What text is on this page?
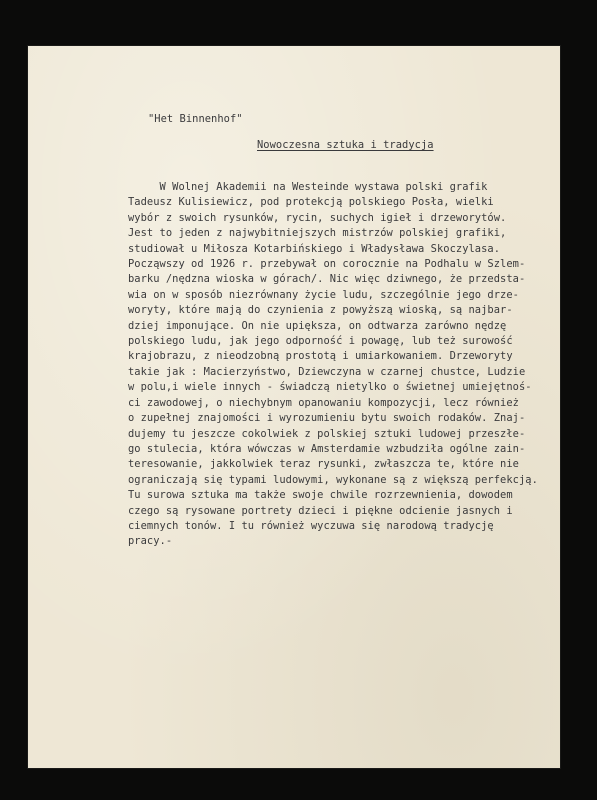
"Het Binnenhof"
Nowoczesna sztuka i tradycja
W Wolnej Akademii na Westeinde wystawa polski grafik
Tadeusz Kulisiewicz, pod protekcją polskiego Posła, wielki
wybór z swoich rysunków, rycin, suchych igieł i drzeworytów.
Jest to jeden z najwybitniejszych mistrzów polskiej grafiki,
studiował u Miłosza Kotarbińskiego i Władysława Skoczylasa.
Począwszy od 1926 r. przebywał on corocznie na Podhalu w Szlem-
barku /nędzna wioska w górach/. Nic więc dziwnego, że przedsta-
wia on w sposób niezrównany życie ludu, szczególnie jego drze-
woryty, które mają do czynienia z powyższą wioską, są najbar-
dziej imponujące. On nie upiększa, on odtwarza zarówno nędzę
polskiego ludu, jak jego odporność i powagę, lub też surowość
krajobrazu, z nieodzobną prostotą i umiarkowaniem. Drzeworyty
takie jak : Macierzyństwo, Dziewczyna w czarnej chustce, Ludzie
w polu,i wiele innych - świadczą nietylko o świetnej umiejętnoś-
ci zawodowej, o niechybnym opanowaniu kompozycji, lecz również
o zupełnej znajomości i wyrozumieniu bytu swoich rodaków. Znaj-
dujemy tu jeszcze cokolwiek z polskiej sztuki ludowej przeszłe-
go stulecia, która wówczas w Amsterdamie wzbudziła ogólne zain-
teresowanie, jakkolwiek teraz rysunki, zwłaszcza te, które nie
ograniczają się typami ludowymi, wykonane są z większą perfekcją.
Tu surowa sztuka ma także swoje chwile rozrzewnienia, dowodem
czego są rysowane portrety dzieci i piękne odcienie jasnych i
ciemnych tonów. I tu również wyczuwa się narodową tradycję
pracy.-
